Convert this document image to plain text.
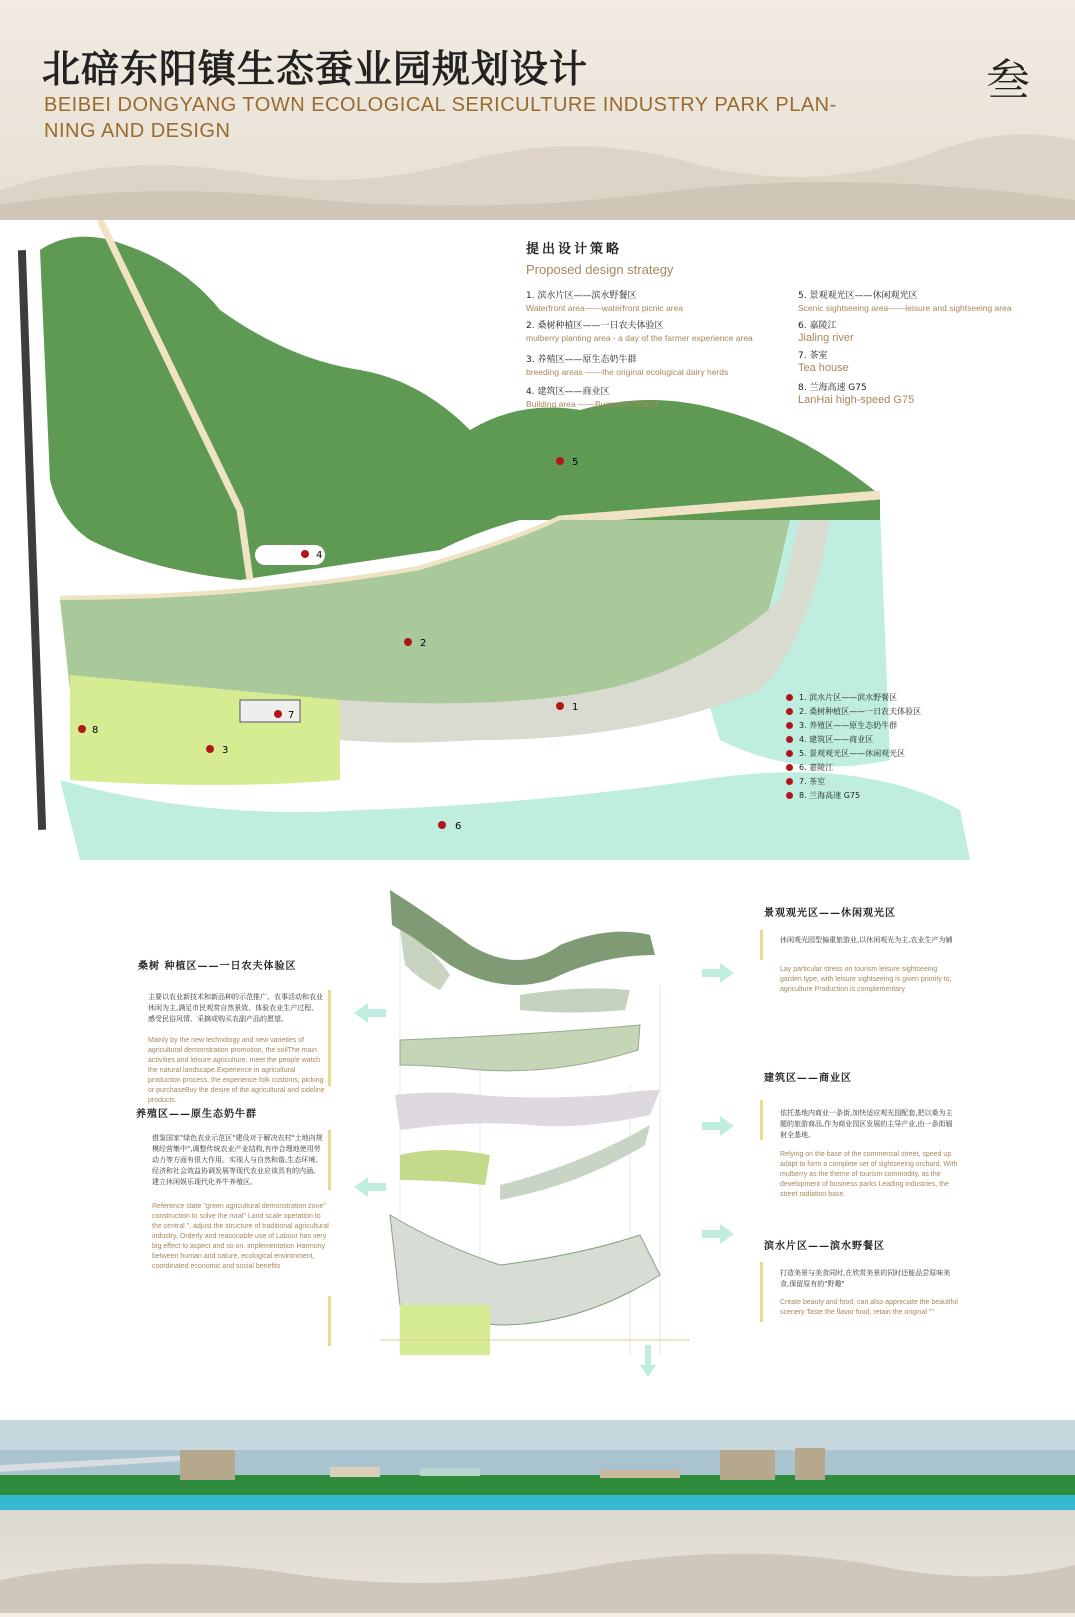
北碚东阳镇生态蚕业园规划设计
BEIBEI DONGYANG TOWN ECOLOGICAL SERICULTURE INDUSTRY PARK PLAN-NING AND DESIGN
叁
1
2
3
4
5
6
7
8
提出设计策略
Proposed design strategy
1. 滨水片区——滨水野餐区
Waterfront area——waterfront picnic area
2. 桑树种植区——一日农夫体验区
mulberry planting area - a day of the farmer experience area
3. 养殖区——原生态奶牛群
breeding areas ——the original ecological dairy herds
4. 建筑区——商业区
Building area ——Business District
5. 景观观光区——休闲观光区
Scenic sightseeing area——leisure and sightseeing area
6. 嘉陵江
Jialing river
7. 茶室
Tea house
8. 兰海高速 G75
LanHai high-speed G75
1. 滨水片区——滨水野餐区
2. 桑树种植区——一日农夫体验区
3. 养殖区——原生态奶牛群
4. 建筑区——商业区
5. 景观观光区——休闲观光区
6. 嘉陵江
7. 茶室
8. 兰海高速 G75
桑树 种植区——一日农夫体验区
主要以农业新技术和新品种的示范推广、农事活动和农业休闲为主,满足市民观赏自然景致、体验农业生产过程、感受民俗风情、采摘或购买农副产品的愿望。
Mainly by the new technology and new varieties of agricultural demonstration promotion, the soilThe main activities and leisure agriculture, meet the people watch the natural landscape.Experience in agricultural production process, the experience folk customs, picking or purchaseBuy the desire of the agricultural and sideline products.
养殖区——原生态奶牛群
借鉴国家"绿色农业示范区"建设对于解决农村"土地向规模经营集中",调整传统农业产业结构,有序合理地使用劳动力等方面有很大作用。实现人与自然和谐,生态环境、经济和社会效益协调发展等现代农业应该具有的内涵。建立休闲娱乐现代化养牛养殖区。
Reference state "green agricultural demonstration zone" construction to solve the rural" Land scale operation to the central ", adjust the structure of traditional agricultural industry, Orderly and reasonable use of Labour has very big effect to aspect and so on. implementation Harmony between human and nature, ecological environment, coordinated economic and social benefits
景观观光区——休闲观光区
休闲观光园型偏重旅游业,以休闲观光为主,农业生产为辅
Lay particular stress on tourism leisure sightseeing garden type, with leisure sightseeing is given priority to, agriculture Production is complementary
建筑区——商业区
依托基地内商业一条街,加快适应观光园配套,把以桑为主题的旅游商品,作为商业园区发展的主导产业,由一条街辐射全基地。
Relying on the base of the commercial street, speed up adapt to form a complete set of sightseeing orchard, With mulberry as the theme of tourism commodity, as the development of business parks Leading industries, the street radiation base.
滨水片区——滨水野餐区
打造美景与美食同时,在欣赏美景的同时还能品尝原味美食,保留原有的"野趣"
Create beauty and food, can also appreciate the beautiful scenery Taste the flavor food, retain the original ""
